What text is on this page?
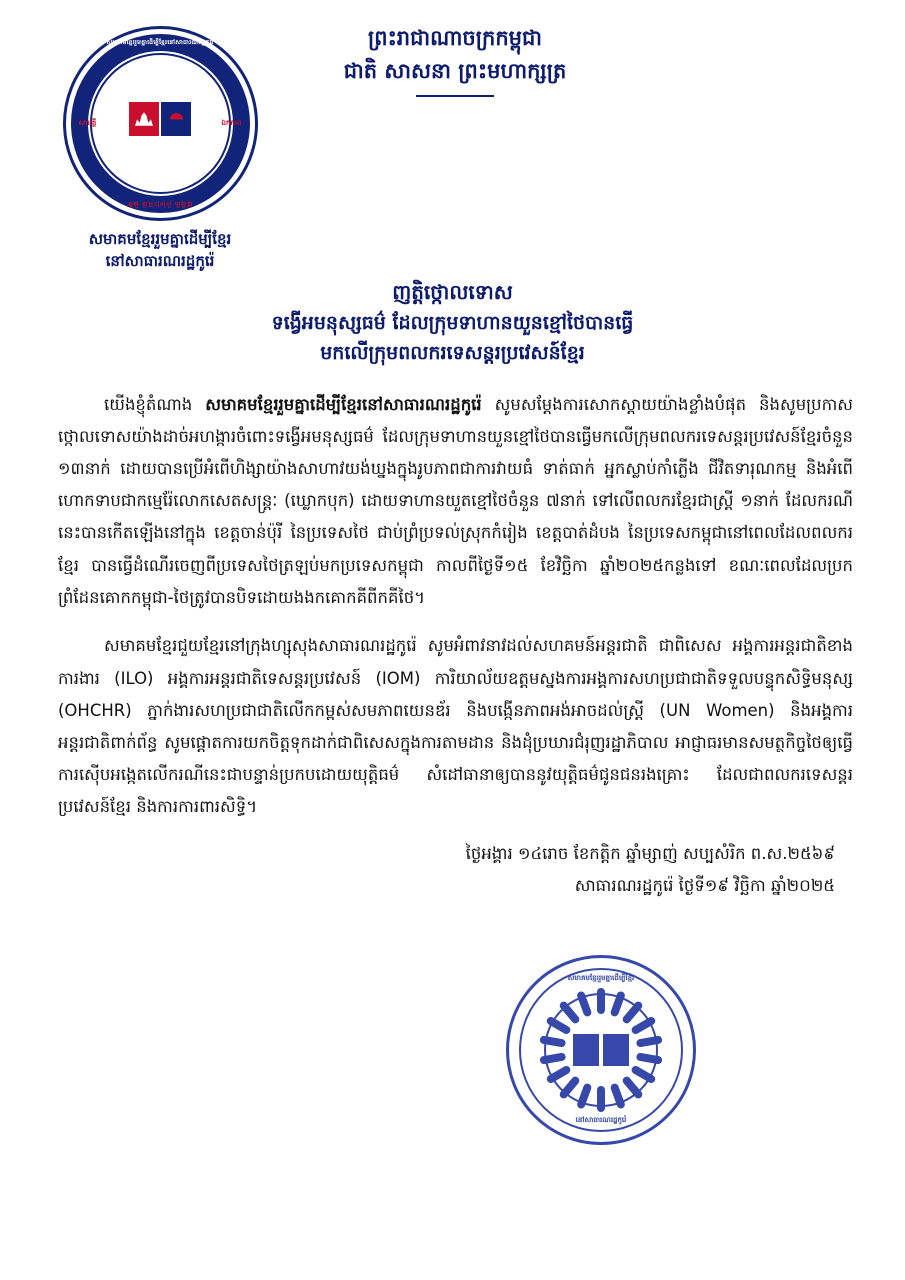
សមាគមខ្មែររួមគ្នាដើម្បីខ្មែរនៅសាធារណរដ្ឋកូរ៉េ
재한 캄보디아인 연합회
សាមគ្គី	ឯកភាព
សមាគមខ្មែររួមគ្នាដើម្បីខ្មែរ
នៅសាធារណរដ្ឋកូរ៉េ
ព្រះរាជាណាចក្រកម្ពុជា
ជាតិ សាសនា ព្រះមហាក្សត្រ
ញត្តិថ្កោលទោស
ទង្វើអមនុស្សធម៌ ដែលក្រុមទាហានយួនខ្មៅថៃបានធ្វើ
មកលើក្រុមពលករទេសន្តរប្រវេសន៍ខ្មែរ

យើងខ្ញុំតំណាង សមាគមខ្មែររួមគ្នាដើម្បីខ្មែរនៅសាធារណរដ្ឋកូរ៉េ សូមសម្តែងការសោកស្តាយយ៉ាងខ្លាំងបំផុត និងសូមប្រកាសថ្កោលទោសយ៉ាងដាច់អហង្ការចំពោះទង្វើអមនុស្សធម៌ ដែលក្រុមទាហានយួនខ្មៅថៃបានធ្វើមកលើក្រុមពលករទេសន្តរប្រវេសន៍ខ្មែរចំនួន ១៣នាក់ ដោយបានប្រើអំពើហិង្សាយ៉ាងសាហាវយង់ឃ្នងក្នុងរូបភាពជាការវាយធំ ទាត់ធាក់ អ្នកស្លាប់កាំភ្លើង ជីវិតទារុណកម្ម និងអំពើហោកទាបជាកម្មេរ៉ែលោកសេតសន្ត្រៈ (ឃ្លោកបុក) ដោយទាហានយួតខ្មៅថៃចំនួន ៧នាក់ ទៅលើពលករខ្មែរជាស្ត្រី ១នាក់ ដែលករណីនេះបានកើតឡើងនៅក្នុង ខេត្តចាន់ប៉ុរី នៃប្រទេសថៃ ជាប់ព្រំប្រទល់ស្រុកកំរៀង ខេត្តបាត់ដំបង នៃប្រទេសកម្ពុជានៅពេលដែលពលករខ្មែរ បានធ្វើដំណើរចេញពីប្រទេសថៃត្រឡប់មកប្រទេសកម្ពុជា កាលពីថ្ងៃទី១៥ ខែវិច្ឆិកា ឆ្នាំ២០២៥កន្លងទៅ ខណៈពេលដែលប្រកព្រំដែនគោកកម្ពុជា-ថៃត្រូវបានបិទដោយងងកគោកគីពីកគីថៃ។

សមាគមខ្មែរជួយខ្មែរនៅក្រុងហ្សុសុងសាធារណរដ្ឋកូរ៉េ សូមអំពាវនាវដល់សហគមន៍អន្តរជាតិ ជាពិសេស អង្គការអន្តរជាតិខាងការងារ (ILO) អង្គការអន្តរជាតិទេសន្តរប្រវេសន៍ (IOM) ការិយាល័យឧត្តមស្នងការអង្គការសហប្រជាជាតិទទួលបន្ទុកសិទ្ធិមនុស្ស (OHCHR) ភ្នាក់ងារសហប្រជាជាតិលើកកម្ពស់សមភាពយេនឌ័រ និងបង្កើនភាពអង់អាចដល់ស្ត្រី (UN Women) និងអង្គការអន្តរជាតិពាក់ព័ន្ធ សូមផ្តោតការយកចិត្តទុកដាក់ជាពិសេសក្នុងការតាមដាន និងដុំប្រឃារជំរុញរដ្ឋាភិបាល អាជ្ញាធរមានសមត្ថកិច្ចថៃឲ្យធ្វើការស៊ើបអង្កេតលើករណីនេះជាបន្ទាន់ប្រកបដោយយុត្តិធម៌ សំដៅធានាឲ្យបាននូវយុត្តិធម៌ជូនជនរងគ្រោះ ដែលជាពលករទេសន្តរប្រវេសន៍ខ្មែរ និងការការពារសិទ្ធិ។

ថ្ងៃអង្គារ ១៤រោច ខែកត្តិក ឆ្នាំម្សាញ់ សប្បសំរិក ព.ស.២៥៦៩
សាធារណរដ្ឋកូរ៉េ ថ្ងៃទី១៩ វិច្ឆិកា ឆ្នាំ២០២៥
សមាគមខ្មែររួមគ្នាដើម្បីខ្មែរ
នៅសាធារណរដ្ឋកូរ៉េ
